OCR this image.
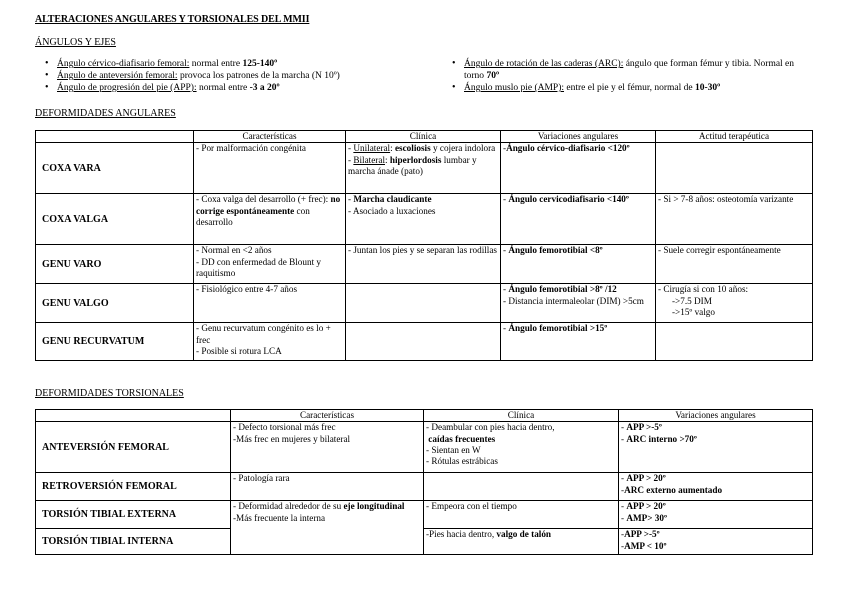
ALTERACIONES ANGULARES Y TORSIONALES DEL MMII
ÁNGULOS Y EJES
• Ángulo cérvico-diafisario femoral: normal entre 125-140º
• Ángulo de anteversión femoral: provoca los patrones de la marcha (N 10º)
• Ángulo de progresión del pie (APP): normal entre -3 a 20º
• Ángulo de rotación de las caderas (ARC): ángulo que forman fémur y tibia. Normal en torno 70º
• Ángulo muslo pie (AMP): entre el pie y el fémur, normal de 10-30º
DEFORMIDADES ANGULARES
	Características	Clínica	Variaciones angulares	Actitud terapéutica
COXA VARA	- Por malformación congénita	- Unilateral: escoliosis y cojera indolora
- Bilateral: hiperlordosis lumbar y marcha ánade (pato)	-Ángulo cérvico-diafisario <120º	
COXA VALGA	- Coxa valga del desarrollo (+ frec): no corrige espontáneamente con desarrollo	- Marcha claudicante
- Asociado a luxaciones	- Ángulo cervicodiafisario <140º	- Si > 7-8 años: osteotomía varizante
GENU VARO	- Normal en <2 años
- DD con enfermedad de Blount y raquitismo	- Juntan los pies y se separan las rodillas	- Ángulo femorotibial <8º	- Suele corregir espontáneamente
GENU VALGO	- Fisiológico entre 4-7 años		- Ángulo femorotibial >8º /12
- Distancia intermaleolar (DIM) >5cm	- Cirugía si con 10 años:
->7.5 DIM
->15º valgo
GENU RECURVATUM	- Genu recurvatum congénito es lo + frec
- Posible si rotura LCA		- Ángulo femorotibial >15º	
DEFORMIDADES TORSIONALES
	Características	Clínica	Variaciones angulares
ANTEVERSIÓN FEMORAL	- Defecto torsional más frec
-Más frec en mujeres y bilateral	- Deambular con pies hacia dentro,
caídas frecuentes
- Sientan en W
- Rótulas estrábicas	- APP >-5º
- ARC interno >70º
RETROVERSIÓN FEMORAL	- Patología rara		- APP > 20º
-ARC externo aumentado
TORSIÓN TIBIAL EXTERNA	- Deformidad alrededor de su eje longitudinal
-Más frecuente la interna	- Empeora con el tiempo	- APP > 20º
- AMP> 30º
TORSIÓN TIBIAL INTERNA		-Pies hacia dentro, valgo de talón	-APP >-5º
-AMP < 10º
